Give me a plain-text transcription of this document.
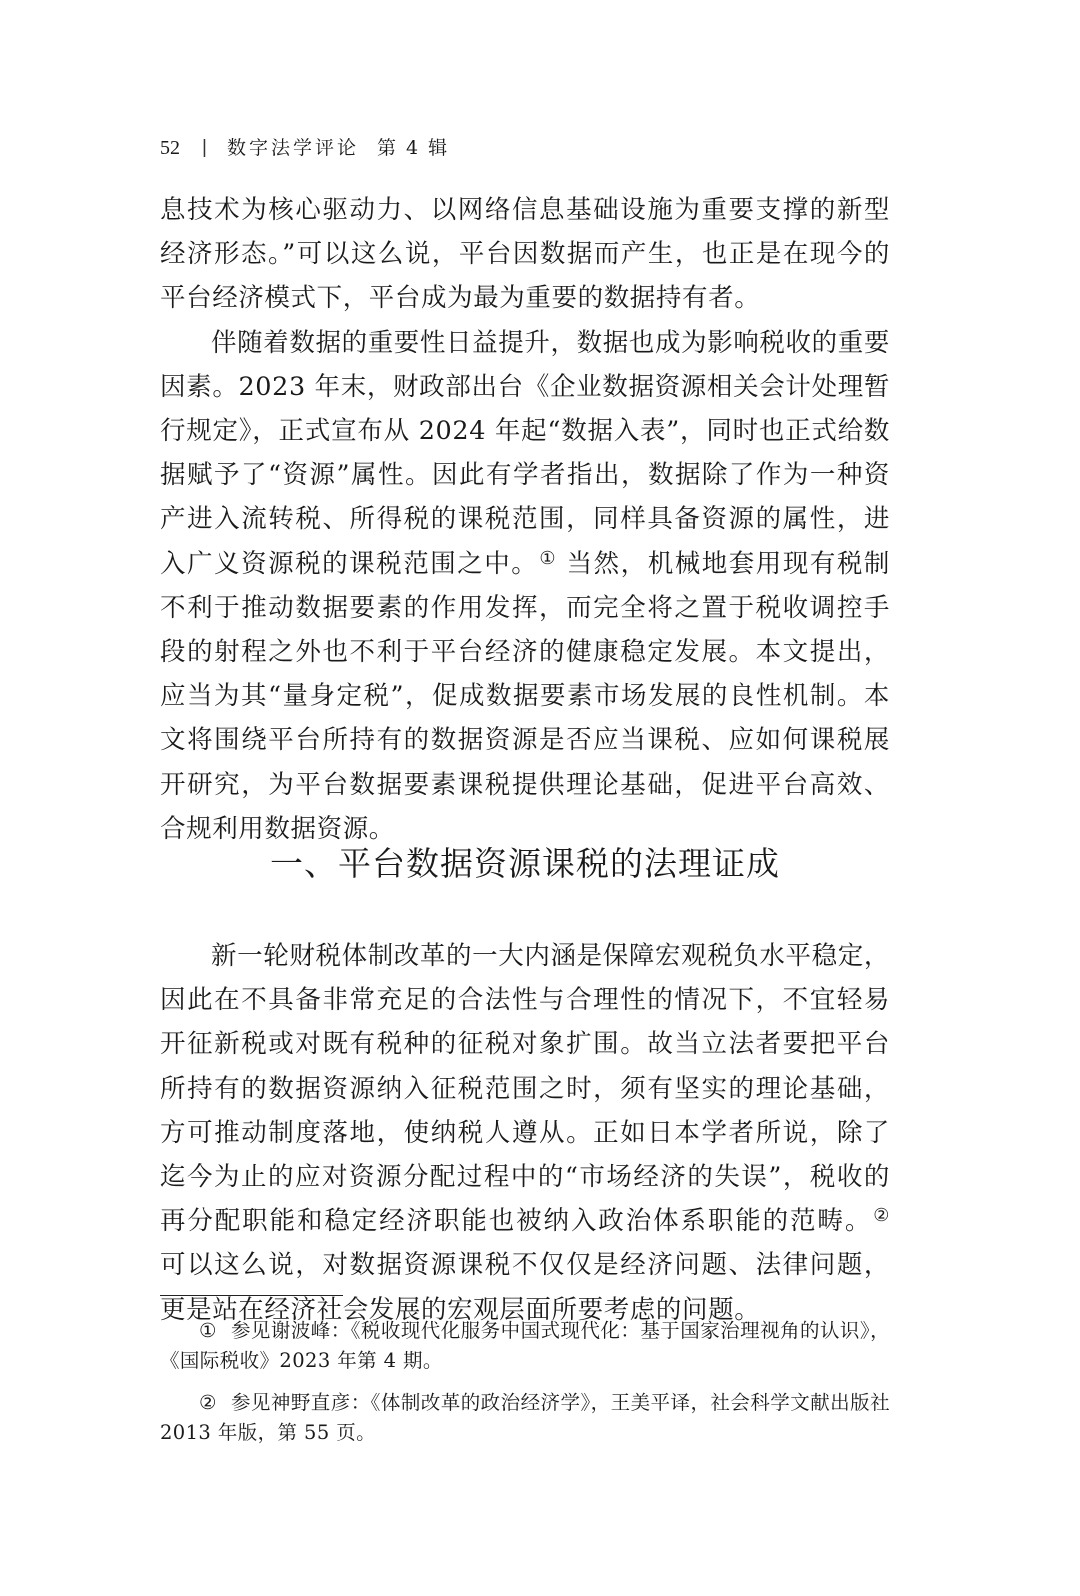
52 | 数字法学评论 第 4 辑

息技术为核心驱动力、以网络信息基础设施为重要支撑的新型经济形态。”可以这么说，平台因数据而产生，也正是在现今的平台经济模式下，平台成为最为重要的数据持有者。

伴随着数据的重要性日益提升，数据也成为影响税收的重要因素。2023 年末，财政部出台《企业数据资源相关会计处理暂行规定》，正式宣布从 2024 年起“数据入表”，同时也正式给数据赋予了“资源”属性。因此有学者指出，数据除了作为一种资产进入流转税、所得税的课税范围，同样具备资源的属性，进入广义资源税的课税范围之中。① 当然，机械地套用现有税制不利于推动数据要素的作用发挥，而完全将之置于税收调控手段的射程之外也不利于平台经济的健康稳定发展。本文提出，应当为其“量身定税”，促成数据要素市场发展的良性机制。本文将围绕平台所持有的数据资源是否应当课税、应如何课税展开研究，为平台数据要素课税提供理论基础，促进平台高效、合规利用数据资源。

一、平台数据资源课税的法理证成

新一轮财税体制改革的一大内涵是保障宏观税负水平稳定，因此在不具备非常充足的合法性与合理性的情况下，不宜轻易开征新税或对既有税种的征税对象扩围。故当立法者要把平台所持有的数据资源纳入征税范围之时，须有坚实的理论基础，方可推动制度落地，使纳税人遵从。正如日本学者所说，除了迄今为止的应对资源分配过程中的“市场经济的失误”，税收的再分配职能和稳定经济职能也被纳入政治体系职能的范畴。② 可以这么说，对数据资源课税不仅仅是经济问题、法律问题，更是站在经济社会发展的宏观层面所要考虑的问题。

① 参见谢波峰：《税收现代化服务中国式现代化：基于国家治理视角的认识》，《国际税收》2023 年第 4 期。

② 参见神野直彦：《体制改革的政治经济学》，王美平译，社会科学文献出版社 2013 年版，第 55 页。
